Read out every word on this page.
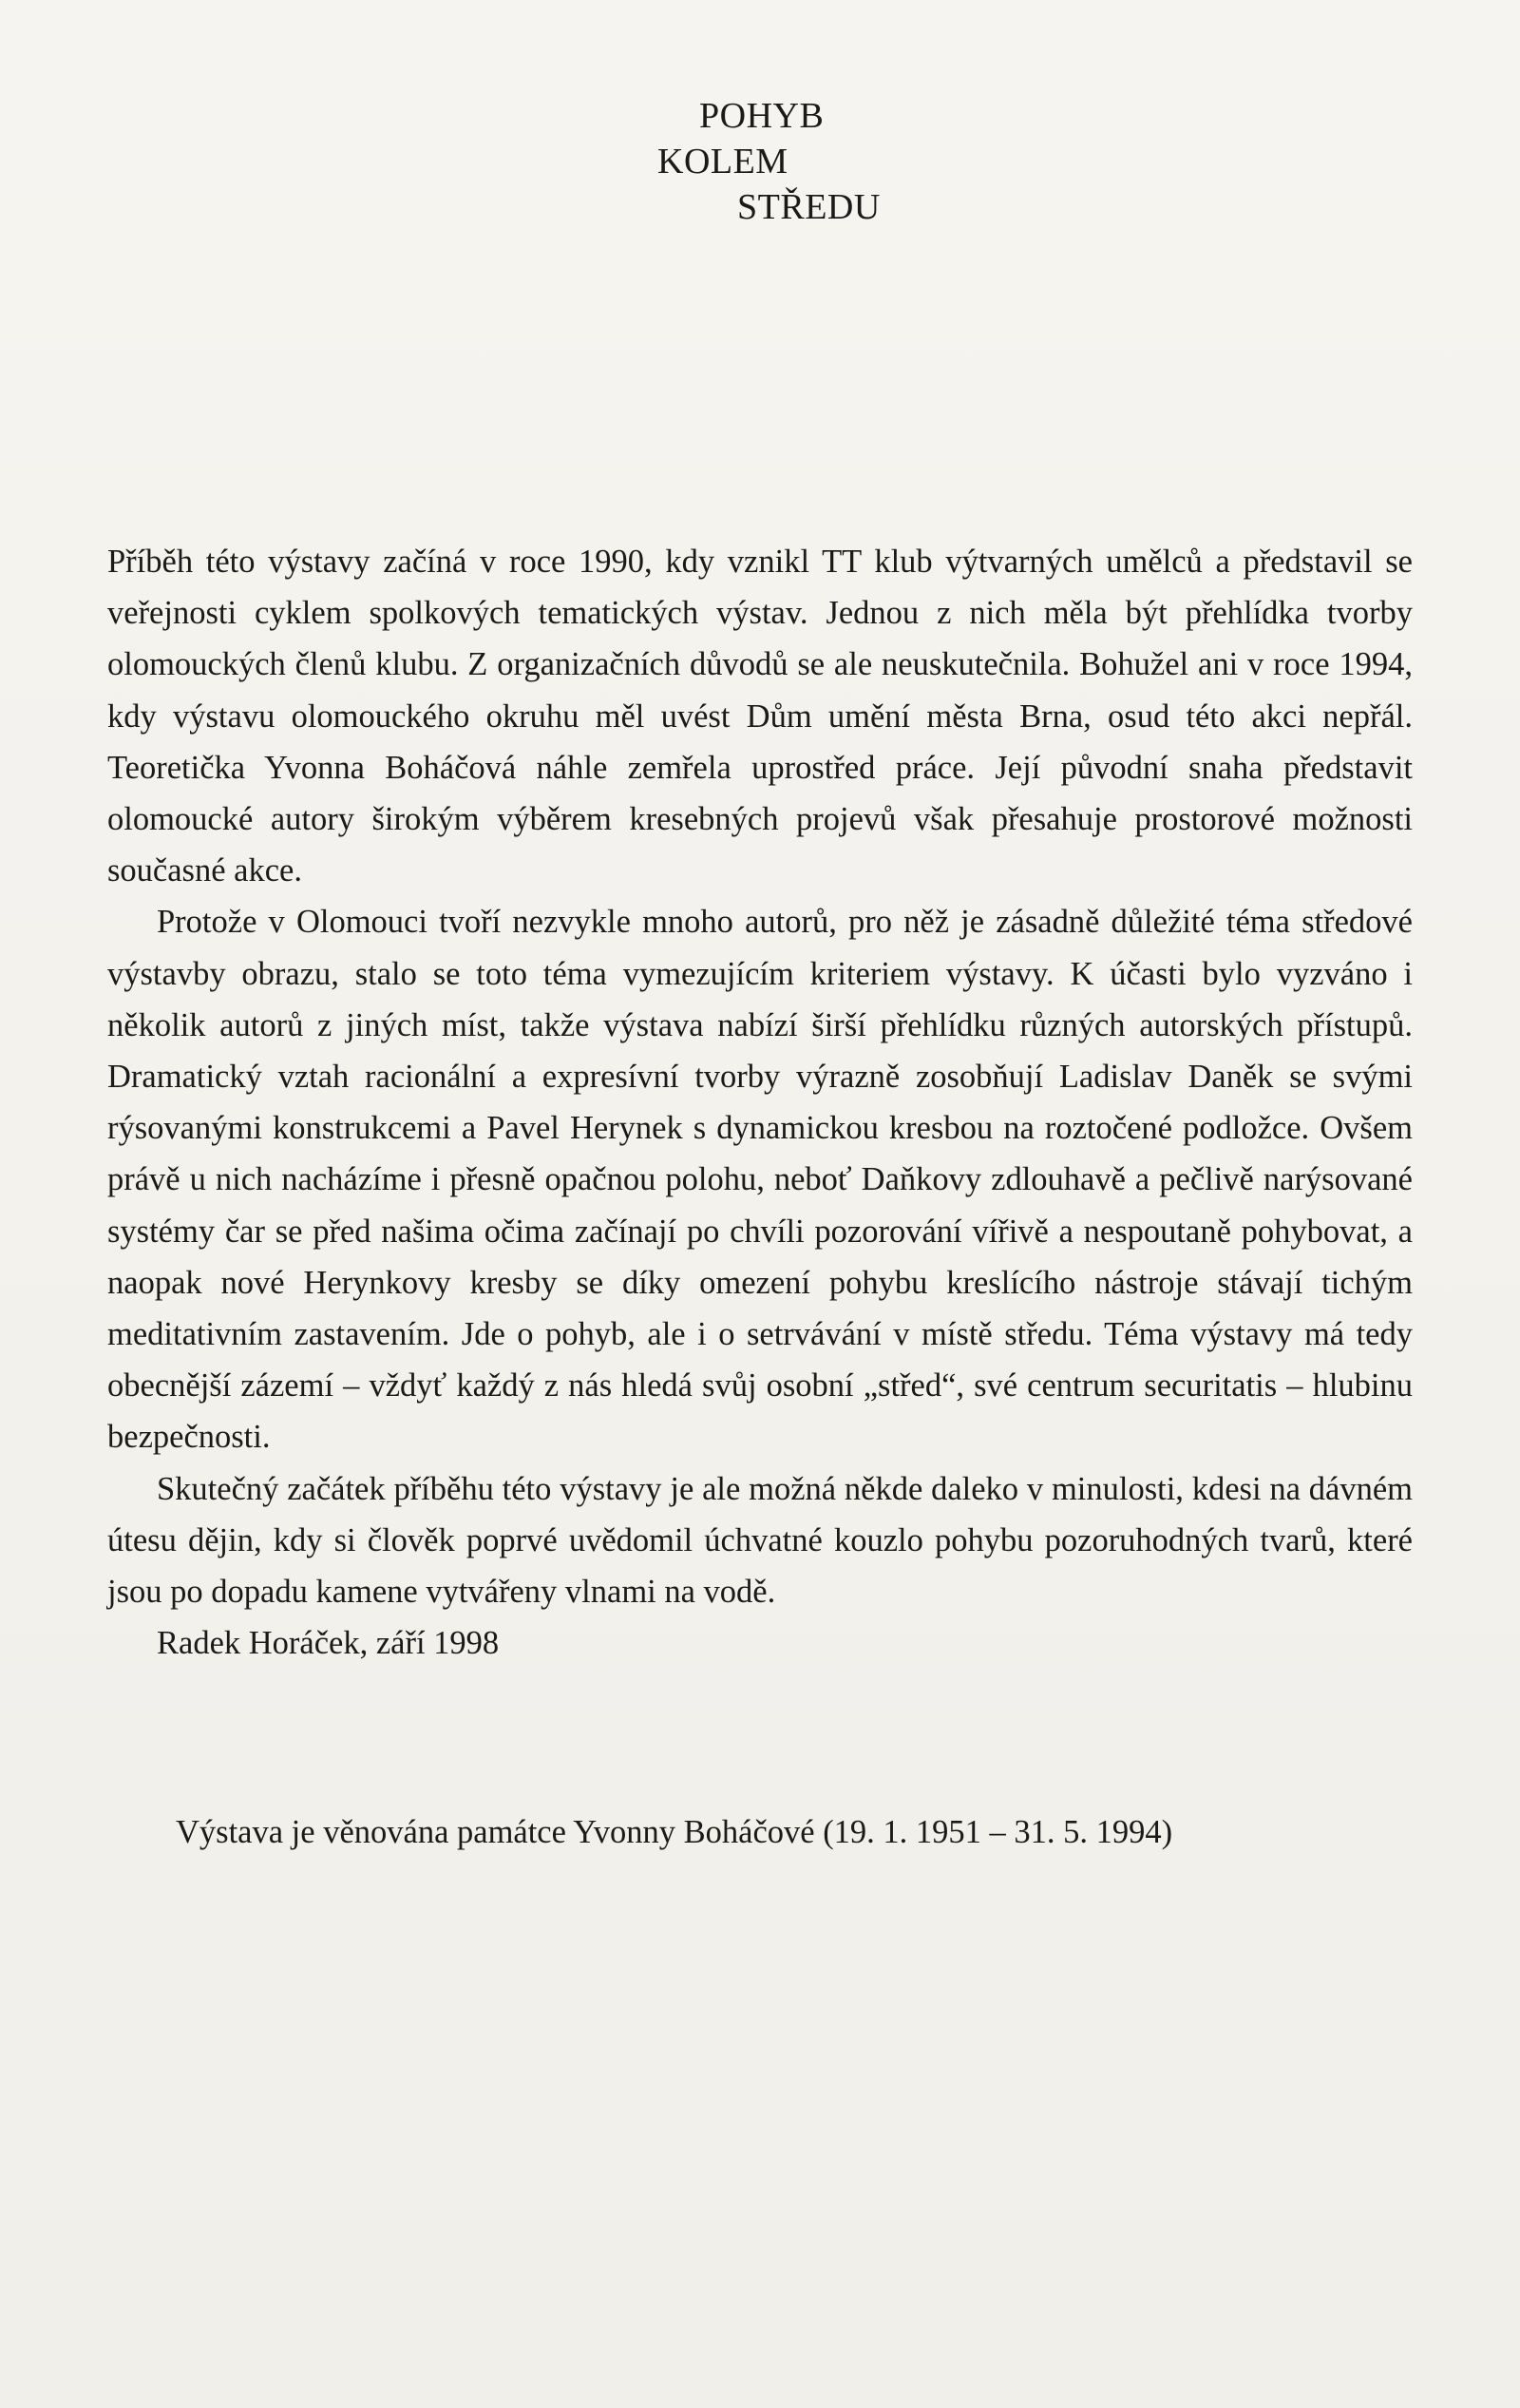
POHYB
KOLEM
STŘEDU

Příběh této výstavy začíná v roce 1990, kdy vznikl TT klub výtvarných umělců a představil se veřejnosti cyklem spolkových tematických výstav. Jednou z nich měla být přehlídka tvorby olomouckých členů klubu. Z organizačních důvodů se ale neuskutečnila. Bohužel ani v roce 1994, kdy výstavu olomouckého okruhu měl uvést Dům umění města Brna, osud této akci nepřál. Teoretička Yvonna Boháčová náhle zemřela uprostřed práce. Její původní snaha představit olomoucké autory širokým výběrem kresebných projevů však přesahuje prostorové možnosti současné akce.

Protože v Olomouci tvoří nezvykle mnoho autorů, pro něž je zásadně důležité téma středové výstavby obrazu, stalo se toto téma vymezujícím kriteriem výstavy. K účasti bylo vyzváno i několik autorů z jiných míst, takže výstava nabízí širší přehlídku různých autorských přístupů. Dramatický vztah racionální a expresívní tvorby výrazně zosobňují Ladislav Daněk se svými rýsovanými konstrukcemi a Pavel Herynek s dynamickou kresbou na roztočené podložce. Ovšem právě u nich nacházíme i přesně opačnou polohu, neboť Daňkovy zdlouhavě a pečlivě narýsované systémy čar se před našima očima začínají po chvíli pozorování vířivě a nespoutaně pohybovat, a naopak nové Herynkovy kresby se díky omezení pohybu kreslícího nástroje stávají tichým meditativním zastavením. Jde o pohyb, ale i o setrvávání v místě středu. Téma výstavy má tedy obecnější zázemí – vždyť každý z nás hledá svůj osobní „střed“, své centrum securitatis – hlubinu bezpečnosti.

Skutečný začátek příběhu této výstavy je ale možná někde daleko v minulosti, kdesi na dávném útesu dějin, kdy si člověk poprvé uvědomil úchvatné kouzlo pohybu pozoruhodných tvarů, které jsou po dopadu kamene vytvářeny vlnami na vodě.

Radek Horáček, září 1998

Výstava je věnována památce Yvonny Boháčové (19. 1. 1951 – 31. 5. 1994)
